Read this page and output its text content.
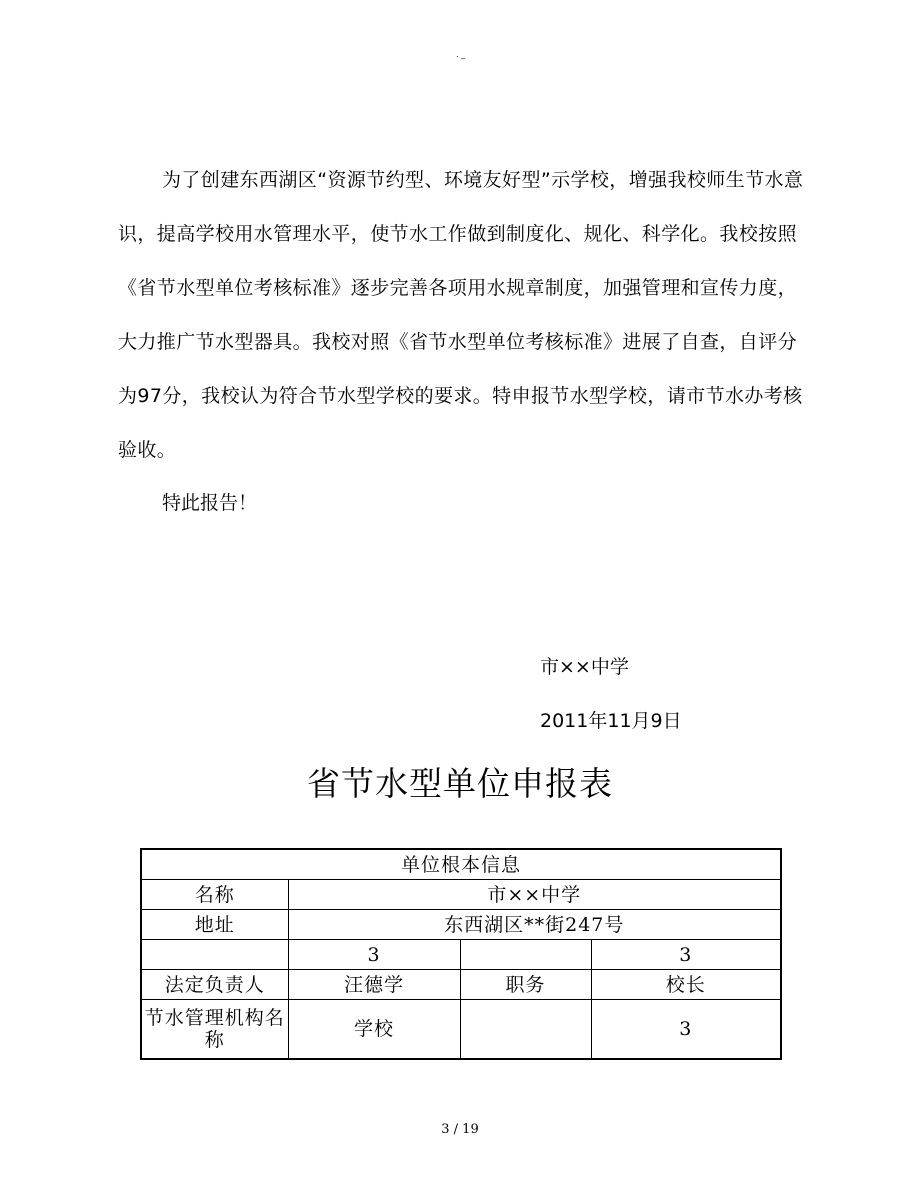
. _

为了创建东西湖区“资源节约型、环境友好型”示学校，增强我校师生节水意识，提高学校用水管理水平，使节水工作做到制度化、规化、科学化。我校按照《省节水型单位考核标准》逐步完善各项用水规章制度，加强管理和宣传力度，大力推广节水型器具。我校对照《省节水型单位考核标准》进展了自查，自评分为97分，我校认为符合节水型学校的要求。特申报节水型学校，请市节水办考核验收。

特此报告！
市××中学
2011年11月9日
省节水型单位申报表
单位根本信息			
名称	市××中学		
地址	东西湖区**街247号		
	3		3
法定负责人	汪德学	职务	校长
节水管理机构名称	学校		3
3 / 19
